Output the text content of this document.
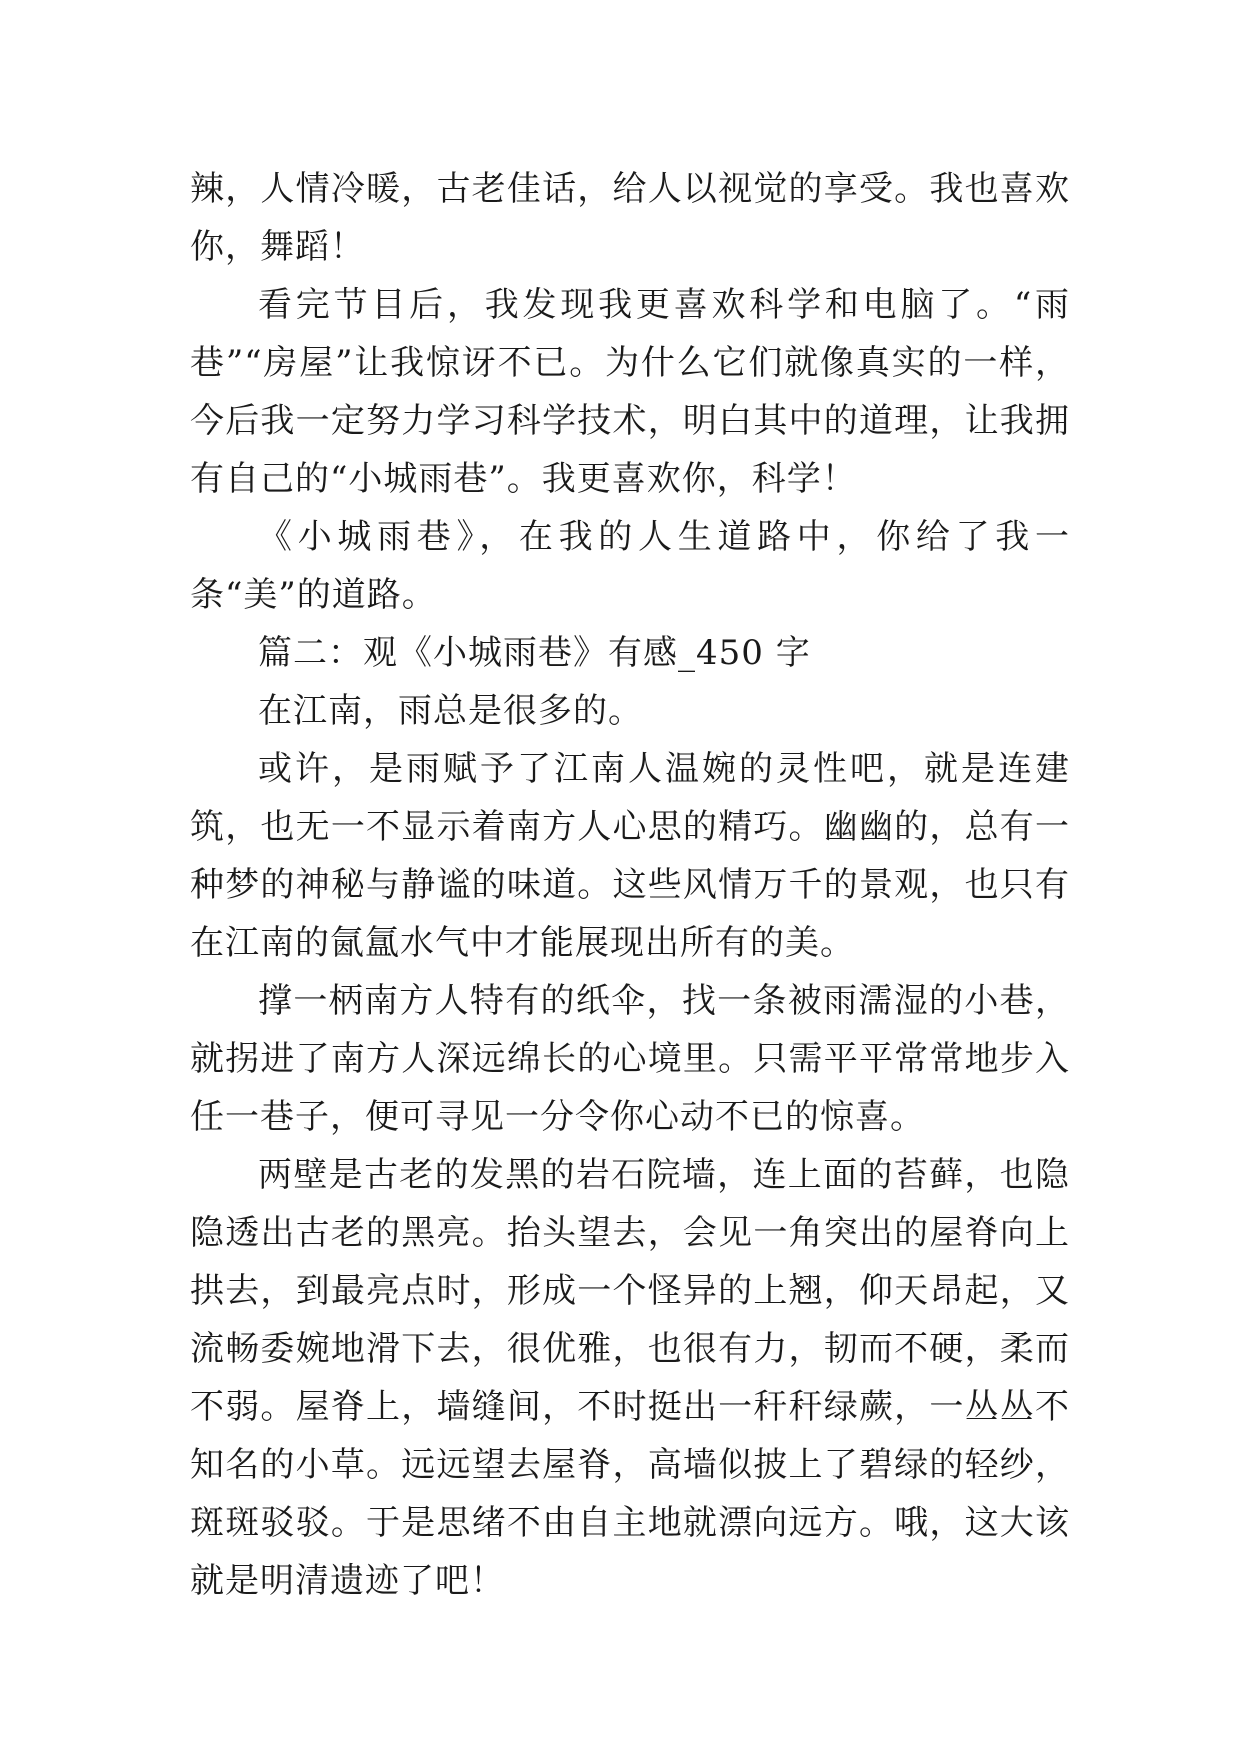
辣，人情冷暖，古老佳话，给人以视觉的享受。我也喜欢你，舞蹈！

看完节目后，我发现我更喜欢科学和电脑了。“雨巷”“房屋”让我惊讶不已。为什么它们就像真实的一样，今后我一定努力学习科学技术，明白其中的道理，让我拥有自己的“小城雨巷”。我更喜欢你，科学！

《小城雨巷》，在我的人生道路中，你给了我一条“美”的道路。

篇二：观《小城雨巷》有感_450 字

在江南，雨总是很多的。

或许，是雨赋予了江南人温婉的灵性吧，就是连建筑，也无一不显示着南方人心思的精巧。幽幽的，总有一种梦的神秘与静谧的味道。这些风情万千的景观，也只有在江南的氤氲水气中才能展现出所有的美。

撑一柄南方人特有的纸伞，找一条被雨濡湿的小巷，就拐进了南方人深远绵长的心境里。只需平平常常地步入任一巷子，便可寻见一分令你心动不已的惊喜。

两壁是古老的发黑的岩石院墙，连上面的苔藓，也隐隐透出古老的黑亮。抬头望去，会见一角突出的屋脊向上拱去，到最亮点时，形成一个怪异的上翘，仰天昂起，又流畅委婉地滑下去，很优雅，也很有力，韧而不硬，柔而不弱。屋脊上，墙缝间，不时挺出一秆秆绿蕨，一丛丛不知名的小草。远远望去屋脊，高墙似披上了碧绿的轻纱，斑斑驳驳。于是思绪不由自主地就漂向远方。哦，这大该就是明清遗迹了吧！
